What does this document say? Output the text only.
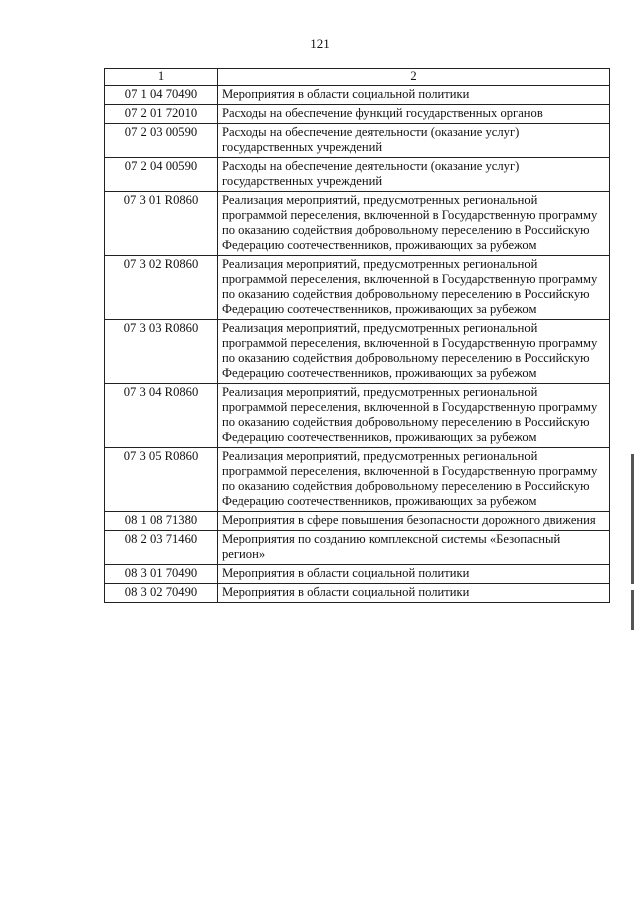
121
1	2
07 1 04 70490	Мероприятия в области социальной политики
07 2 01 72010	Расходы на обеспечение функций государственных органов
07 2 03 00590	Расходы на обеспечение деятельности (оказание услуг) государственных учреждений
07 2 04 00590	Расходы на обеспечение деятельности (оказание услуг) государственных учреждений
07 3 01 R0860	Реализация мероприятий, предусмотренных региональной программой переселения, включенной в Государственную программу по оказанию содействия добровольному переселению в Российскую Федерацию соотечественников, проживающих за рубежом
07 3 02 R0860	Реализация мероприятий, предусмотренных региональной программой переселения, включенной в Государственную программу по оказанию содействия добровольному переселению в Российскую Федерацию соотечественников, проживающих за рубежом
07 3 03 R0860	Реализация мероприятий, предусмотренных региональной программой переселения, включенной в Государственную программу по оказанию содействия добровольному переселению в Российскую Федерацию соотечественников, проживающих за рубежом
07 3 04 R0860	Реализация мероприятий, предусмотренных региональной программой переселения, включенной в Государственную программу по оказанию содействия добровольному переселению в Российскую Федерацию соотечественников, проживающих за рубежом
07 3 05 R0860	Реализация мероприятий, предусмотренных региональной программой переселения, включенной в Государственную программу по оказанию содействия добровольному переселению в Российскую Федерацию соотечественников, проживающих за рубежом
08 1 08 71380	Мероприятия в сфере повышения безопасности дорожного движения
08 2 03 71460	Мероприятия по созданию комплексной системы «Безопасный регион»
08 3 01 70490	Мероприятия в области социальной политики
08 3 02 70490	Мероприятия в области социальной политики
